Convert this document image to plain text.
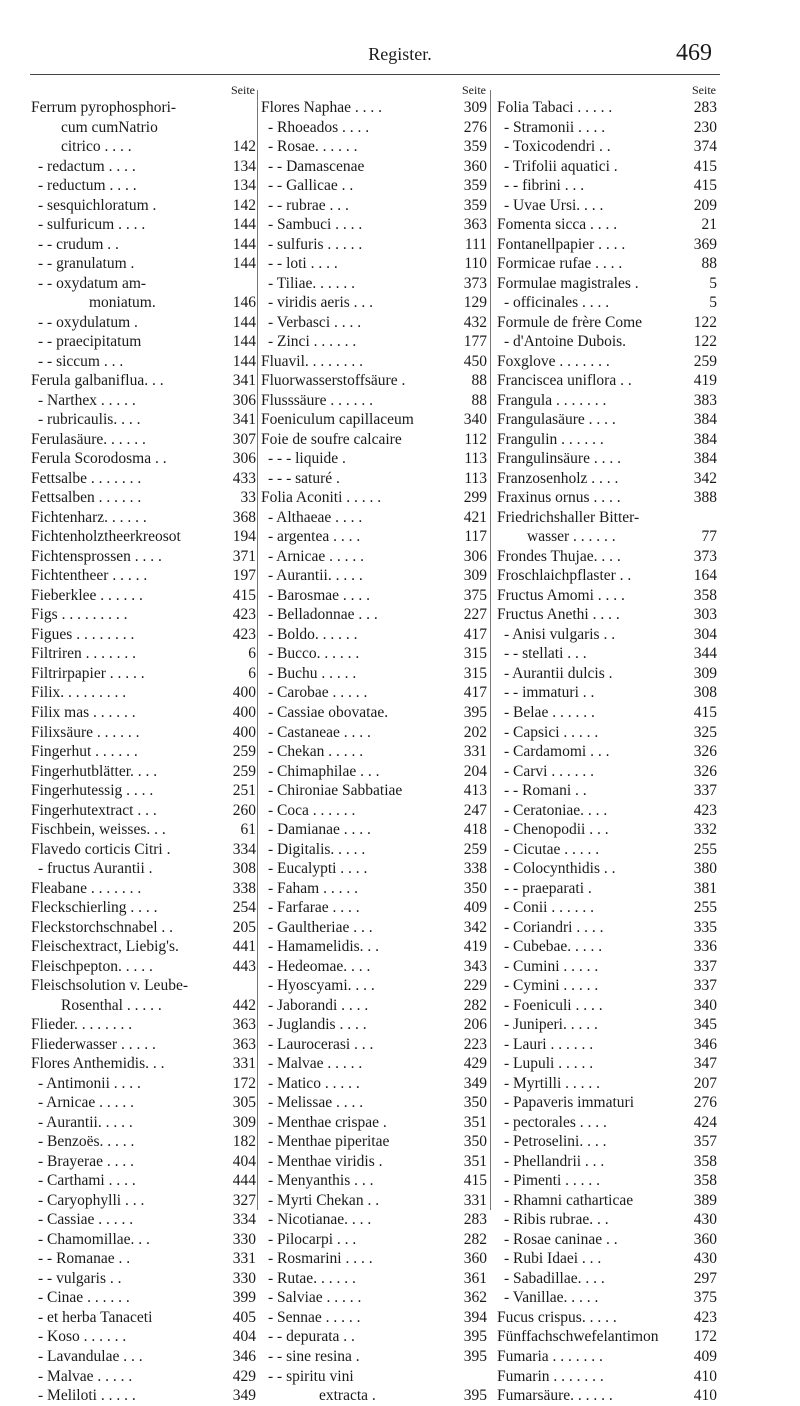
Register.	469
Seite
Ferrum pyrophosphori-
cum cumNatrio
citrico . . . .	142
- redactum . . . .	134
- reductum . . . .	134
- sesquichloratum .	142
- sulfuricum . . . .	144
- - crudum . .	144
- - granulatum .	144
- - oxydatum am-
moniatum.	146
- - oxydulatum .	144
- - praecipitatum	144
- - siccum . . .	144
Ferula galbaniflua. . .	341
- Narthex . . . . .	306
- rubricaulis. . . .	341
Ferulasäure. . . . . .	307
Ferula Scorodosma . .	306
Fettsalbe . . . . . . .	433
Fettsalben . . . . . .	33
Fichtenharz. . . . . .	368
Fichtenholztheerkreosot	194
Fichtensprossen . . . .	371
Fichtentheer . . . . .	197
Fieberklee . . . . . .	415
Figs . . . . . . . . .	423
Figues . . . . . . . .	423
Filtriren . . . . . . .	6
Filtrirpapier . . . . .	6
Filix. . . . . . . . .	400
Filix mas . . . . . .	400
Filixsäure . . . . . .	400
Fingerhut . . . . . .	259
Fingerhutblätter. . . .	259
Fingerhutessig . . . .	251
Fingerhutextract . . .	260
Fischbein, weisses. . .	61
Flavedo corticis Citri .	334
- fructus Aurantii .	308
Fleabane . . . . . . .	338
Fleckschierling . . . .	254
Fleckstorchschnabel . .	205
Fleischextract, Liebig's.	441
Fleischpepton. . . . .	443
Fleischsolution v. Leube-
Rosenthal . . . . .	442
Flieder. . . . . . . .	363
Fliederwasser . . . . .	363
Flores Anthemidis. . .	331
- Antimonii . . . .	172
- Arnicae . . . . .	305
- Aurantii. . . . .	309
- Benzoës. . . . .	182
- Brayerae . . . .	404
- Carthami . . . .	444
- Caryophylli . . .	327
- Cassiae . . . . .	334
- Chamomillae. . .	330
- - Romanae . .	331
- - vulgaris . .	330
- Cinae . . . . . .	399
- et herba Tanaceti	405
- Koso . . . . . .	404
- Lavandulae . . .	346
- Malvae . . . . .	429
- Meliloti . . . . .	349
Seite
Flores Naphae . . . .	309
- Rhoeados . . . .	276
- Rosae. . . . . .	359
- - Damascenae	360
- - Gallicae . .	359
- - rubrae . . .	359
- Sambuci . . . .	363
- sulfuris . . . . .	111
- - loti . . . .	110
- Tiliae. . . . . .	373
- viridis aeris . . .	129
- Verbasci . . . .	432
- Zinci . . . . . .	177
Fluavil. . . . . . . .	450
Fluorwasserstoffsäure .	88
Flusssäure . . . . . .	88
Foeniculum capillaceum	340
Foie de soufre calcaire	112
- - - liquide .	113
- - - saturé .	113
Folia Aconiti . . . . .	299
- Althaeae . . . .	421
- argentea . . . .	117
- Arnicae . . . . .	306
- Aurantii. . . . .	309
- Barosmae . . . .	375
- Belladonnae . . .	227
- Boldo. . . . . .	417
- Bucco. . . . . .	315
- Buchu . . . . .	315
- Carobae . . . . .	417
- Cassiae obovatae.	395
- Castaneae . . . .	202
- Chekan . . . . .	331
- Chimaphilae . . .	204
- Chironiae Sabbatiae	413
- Coca . . . . . .	247
- Damianae . . . .	418
- Digitalis. . . . .	259
- Eucalypti . . . .	338
- Faham . . . . .	350
- Farfarae . . . .	409
- Gaultheriae . . .	342
- Hamamelidis. . .	419
- Hedeomae. . . .	343
- Hyoscyami. . . .	229
- Jaborandi . . . .	282
- Juglandis . . . .	206
- Laurocerasi . . .	223
- Malvae . . . . .	429
- Matico . . . . .	349
- Melissae . . . .	350
- Menthae crispae .	351
- Menthae piperitae	350
- Menthae viridis .	351
- Menyanthis . . .	415
- Myrti Chekan . .	331
- Nicotianae. . . .	283
- Pilocarpi . . .	282
- Rosmarini . . . .	360
- Rutae. . . . . .	361
- Salviae . . . . .	362
- Sennae . . . . .	394
- - depurata . .	395
- - sine resina .	395
- - spiritu vini
extracta .	395
Seite
Folia Tabaci . . . . .	283
- Stramonii . . . .	230
- Toxicodendri . .	374
- Trifolii aquatici .	415
- - fibrini . . .	415
- Uvae Ursi. . . .	209
Fomenta sicca . . . .	21
Fontanellpapier . . . .	369
Formicae rufae . . . .	88
Formulae magistrales .	5
- officinales . . . .	5
Formule de frère Come	122
- d'Antoine Dubois.	122
Foxglove . . . . . . .	259
Franciscea uniflora . .	419
Frangula . . . . . . .	383
Frangulasäure . . . .	384
Frangulin . . . . . .	384
Frangulinsäure . . . .	384
Franzosenholz . . . .	342
Fraxinus ornus . . . .	388
Friedrichshaller Bitter-
wasser . . . . . .	77
Frondes Thujae. . . .	373
Froschlaichpflaster . .	164
Fructus Amomi . . . .	358
Fructus Anethi . . . .	303
- Anisi vulgaris . .	304
- - stellati . . .	344
- Aurantii dulcis .	309
- - immaturi . .	308
- Belae . . . . . .	415
- Capsici . . . . .	325
- Cardamomi . . .	326
- Carvi . . . . . .	326
- - Romani . .	337
- Ceratoniae. . . .	423
- Chenopodii . . .	332
- Cicutae . . . . .	255
- Colocynthidis . .	380
- - praeparati .	381
- Conii . . . . . .	255
- Coriandri . . . .	335
- Cubebae. . . . .	336
- Cumini . . . . .	337
- Cymini . . . . .	337
- Foeniculi . . . .	340
- Juniperi. . . . .	345
- Lauri . . . . . .	346
- Lupuli . . . . .	347
- Myrtilli . . . . .	207
- Papaveris immaturi	276
- pectorales . . . .	424
- Petroselini. . . .	357
- Phellandrii . . .	358
- Pimenti . . . . .	358
- Rhamni catharticae	389
- Ribis rubrae. . .	430
- Rosae caninae . .	360
- Rubi Idaei . . .	430
- Sabadillae. . . .	297
- Vanillae. . . . .	375
Fucus crispus. . . . .	423
Fünffachschwefelantimon 172
Fumaria . . . . . . .	409
Fumarin . . . . . . .	410
Fumarsäure. . . . . .	410
